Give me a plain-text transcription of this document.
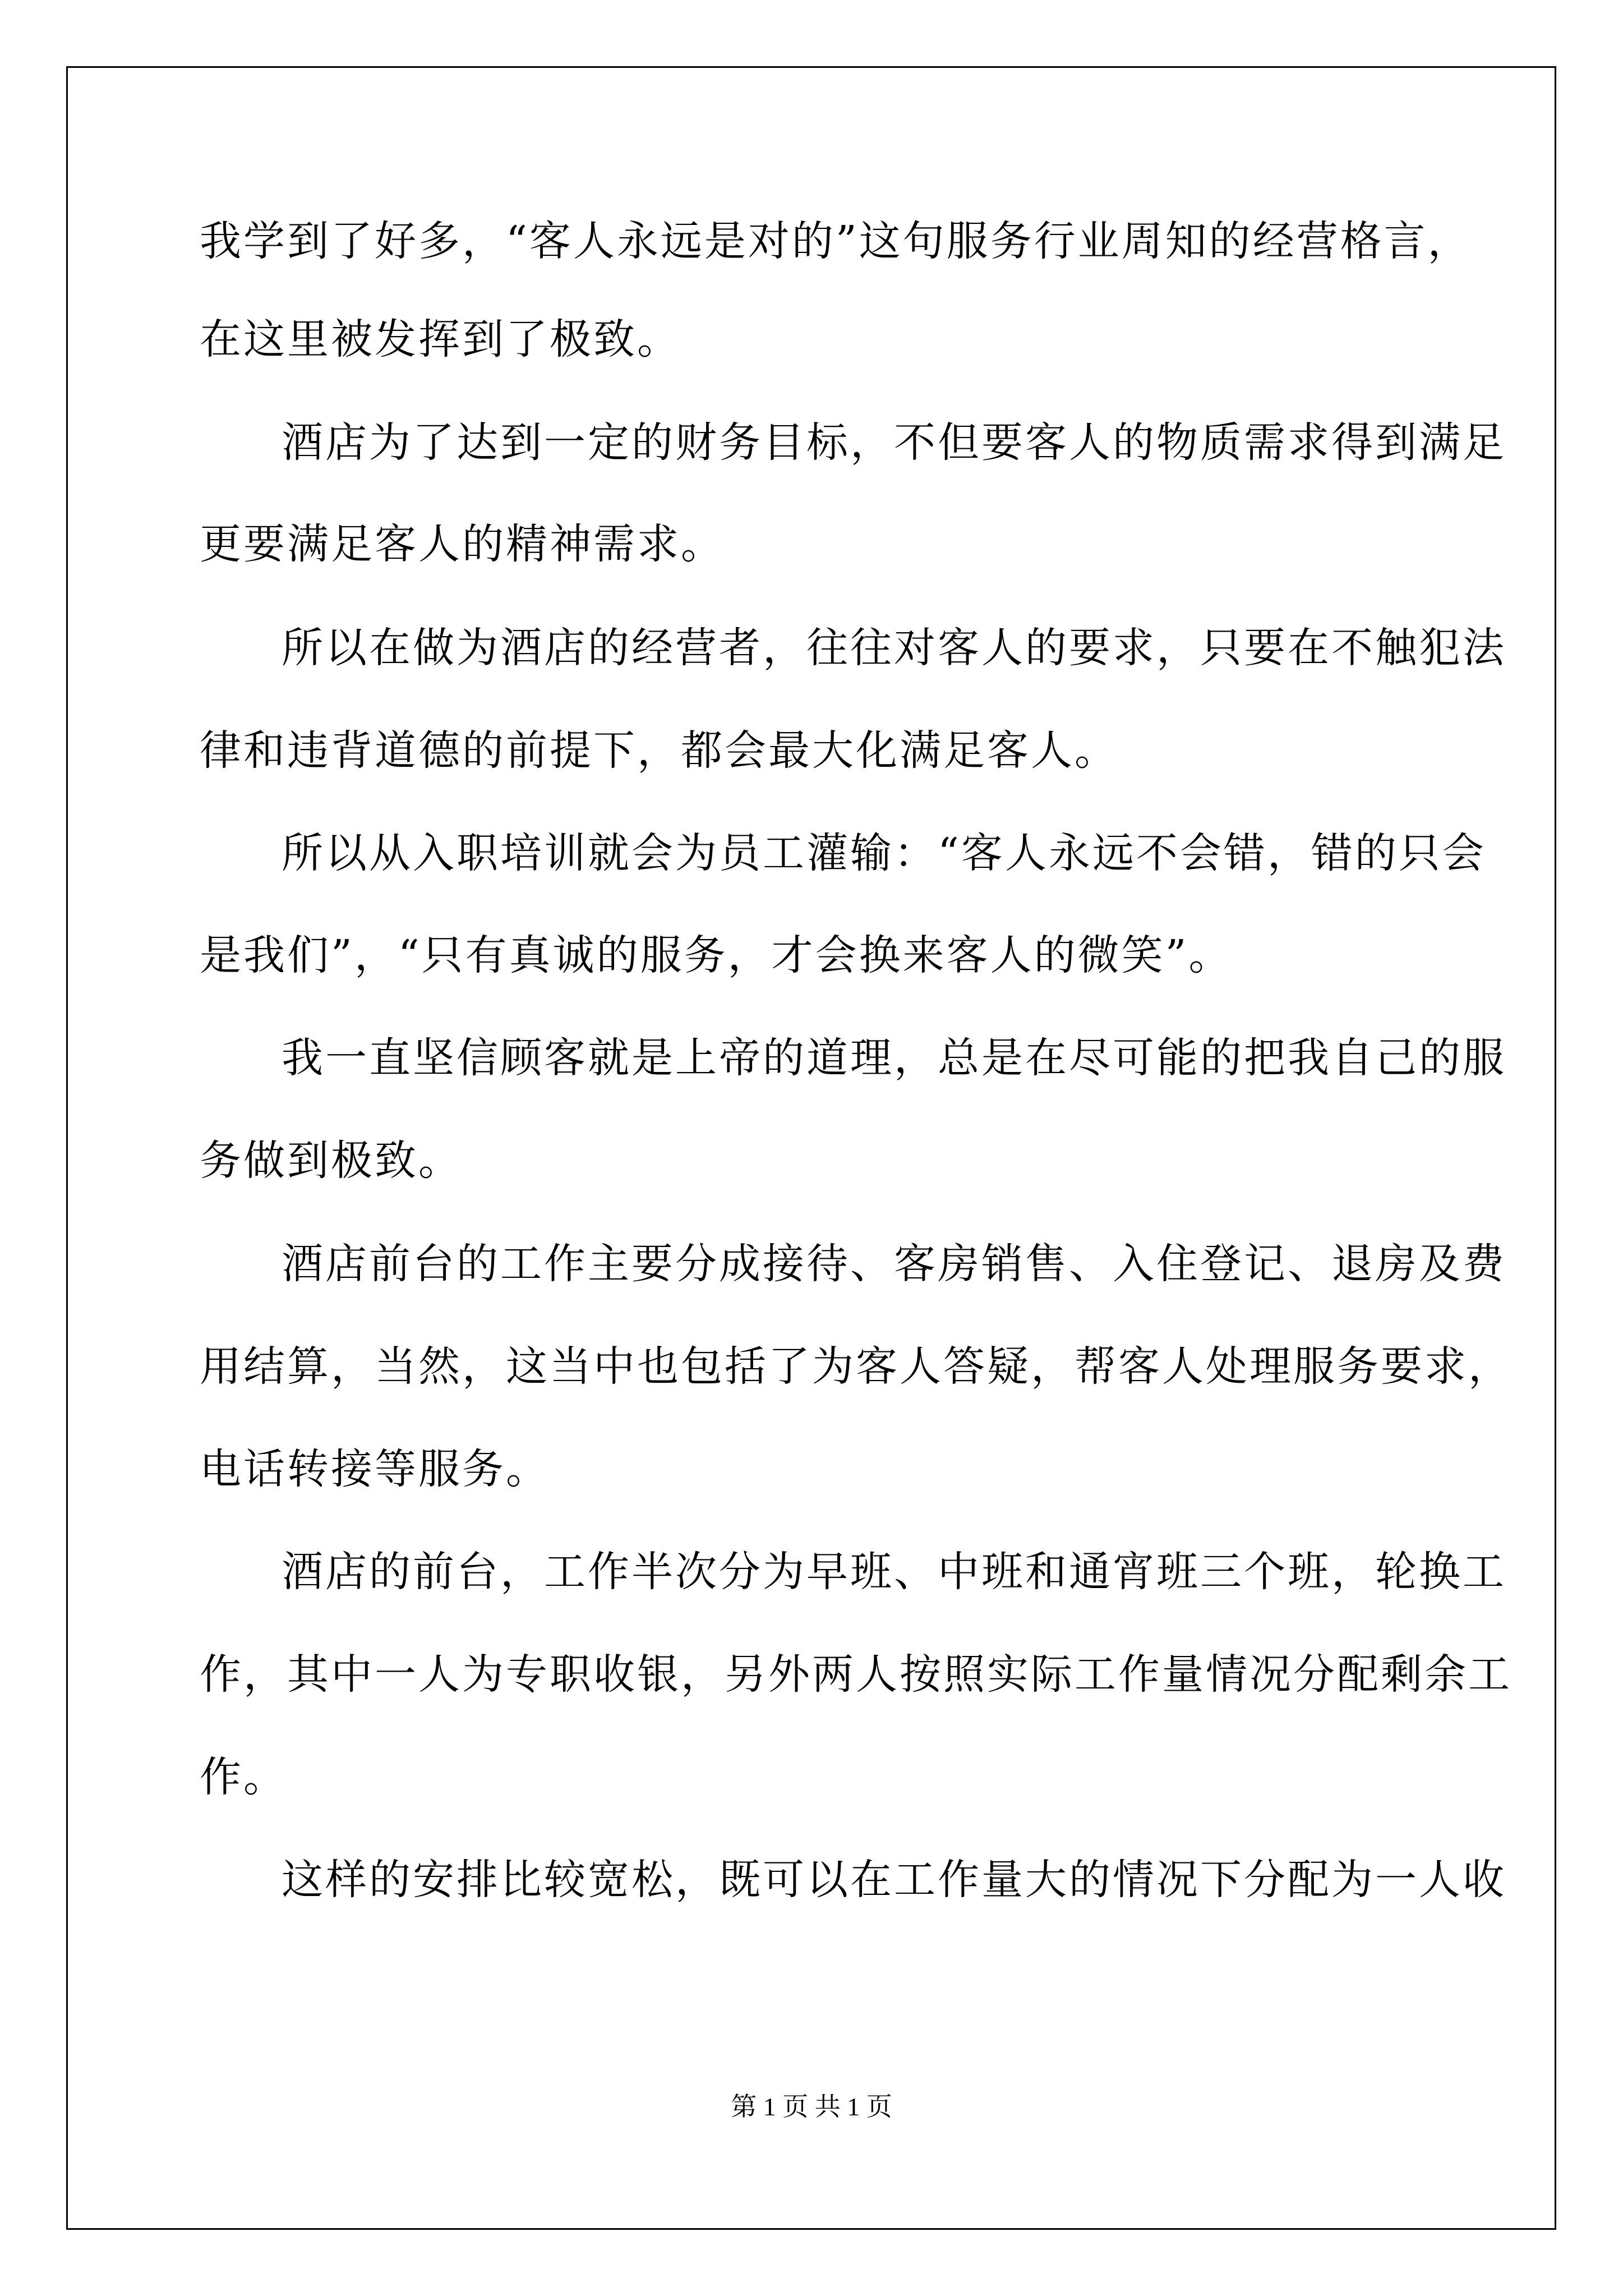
我学到了好多，“客人永远是对的”这句服务行业周知的经营格言，
在这里被发挥到了极致。
酒店为了达到一定的财务目标，不但要客人的物质需求得到满足
更要满足客人的精神需求。
所以在做为酒店的经营者，往往对客人的要求，只要在不触犯法
律和违背道德的前提下，都会最大化满足客人。
所以从入职培训就会为员工灌输：“客人永远不会错，错的只会
是我们”，“只有真诚的服务，才会换来客人的微笑”。
我一直坚信顾客就是上帝的道理，总是在尽可能的把我自己的服
务做到极致。
酒店前台的工作主要分成接待、客房销售、入住登记、退房及费
用结算，当然，这当中也包括了为客人答疑，帮客人处理服务要求，
电话转接等服务。
酒店的前台，工作半次分为早班、中班和通宵班三个班，轮换工
作，其中一人为专职收银，另外两人按照实际工作量情况分配剩余工
作。
这样的安排比较宽松，既可以在工作量大的情况下分配为一人收
第 1 页 共 1 页
